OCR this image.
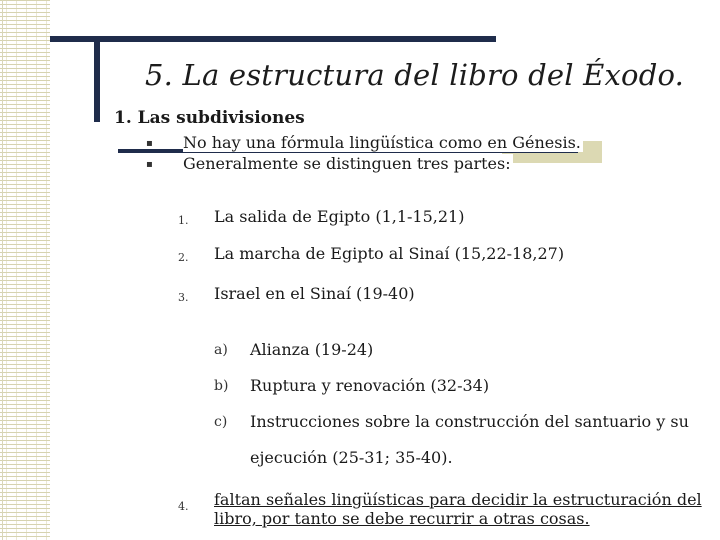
5. La estructura del libro del Éxodo.
1. Las subdivisiones
▪ No hay una fórmula lingüística como en Génesis.
▪ Generalmente se distinguen tres partes:
1. La salida de Egipto (1,1-15,21)
2. La marcha de Egipto al Sinaí (15,22-18,27)
3. Israel en el Sinaí (19-40)
a) Alianza (19-24)
b) Ruptura y renovación (32-34)
c) Instrucciones sobre la construcción del santuario y su
ejecución (25-31; 35-40).
4. faltan señales lingüísticas para decidir la estructuración del
libro, por tanto se debe recurrir a otras cosas.
